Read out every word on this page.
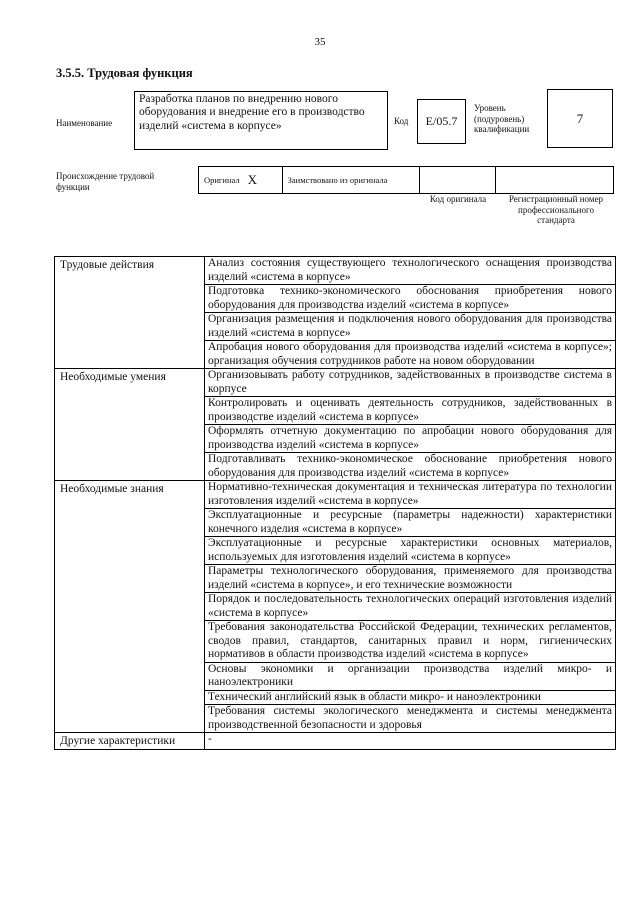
35
3.5.5. Трудовая функция
Наименование
Разработка планов по внедрению нового оборудования и внедрение его в производство изделий «система в корпусе»	Код	E/05.7
Уровень (подуровень) квалификации
7
Происхождение трудовой функции
Оригинал X	Заимствовано из оригинала
Код оригинала	Регистрационный номер профессионального стандарта
Трудовые действия	Анализ состояния существующего технологического оснащения производства изделий «система в корпусе»
	Подготовка технико-экономического обоснования приобретения нового оборудования для производства изделий «система в корпусе»
	Организация размещения и подключения нового оборудования для производства изделий «система в корпусе»
	Апробация нового оборудования для производства изделий «система в корпусе»; организация обучения сотрудников работе на новом оборудовании
Необходимые умения	Организовывать работу сотрудников, задействованных в производстве система в корпусе
	Контролировать и оценивать деятельность сотрудников, задействованных в производстве изделий «система в корпусе»
	Оформлять отчетную документацию по апробации нового оборудования для производства изделий «система в корпусе»
	Подготавливать технико-экономическое обоснование приобретения нового оборудования для производства изделий «система в корпусе»
Необходимые знания	Нормативно-техническая документация и техническая литература по технологии изготовления изделий «система в корпусе»
	Эксплуатационные и ресурсные (параметры надежности) характеристики конечного изделия «система в корпусе»
	Эксплуатационные и ресурсные характеристики основных материалов, используемых для изготовления изделий «система в корпусе»
	Параметры технологического оборудования, применяемого для производства изделий «система в корпусе», и его технические возможности
	Порядок и последовательность технологических операций изготовления изделий «система в корпусе»
	Требования законодательства Российской Федерации, технических регламентов, сводов правил, стандартов, санитарных правил и норм, гигиенических нормативов в области производства изделий «система в корпусе»
	Основы экономики и организации производства изделий микро- и наноэлектроники
	Технический английский язык в области микро- и наноэлектроники
	Требования системы экологического менеджмента и системы менеджмента производственной безопасности и здоровья
Другие характеристики	-
